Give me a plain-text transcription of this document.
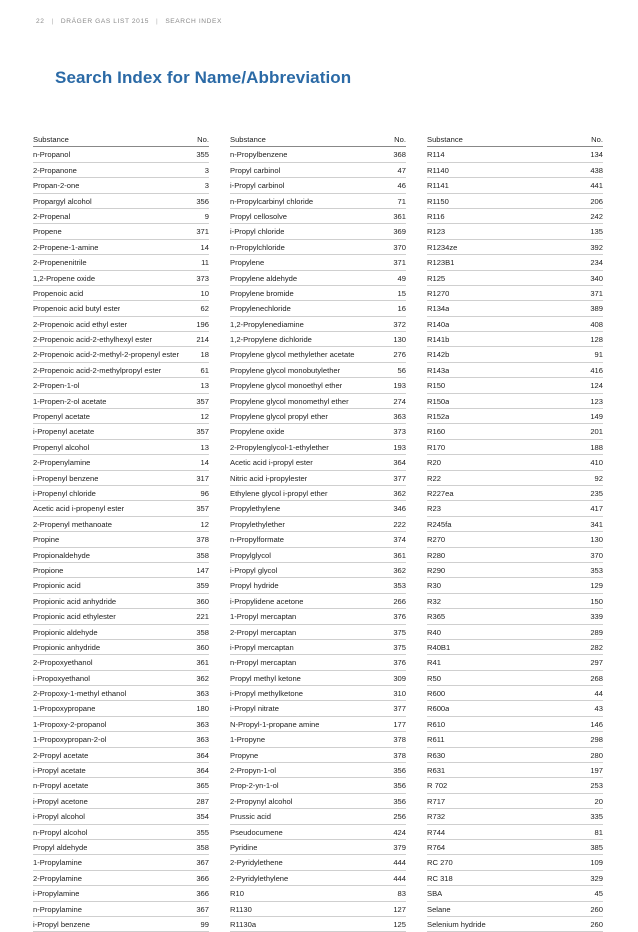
22 | DRÄGER GAS LIST 2015 | SEARCH INDEX
Search Index for Name/Abbreviation
Substance	No.
n-Propanol	355
2-Propanone	3
Propan-2-one	3
Propargyl alcohol	356
2-Propenal	9
Propene	371
2-Propene-1-amine	14
2-Propenenitrile	11
1,2-Propene oxide	373
Propenoic acid	10
Propenoic acid butyl ester	62
2-Propenoic acid ethyl ester	196
2-Propenoic acid-2-ethylhexyl ester	214
2-Propenoic acid-2-methyl-2-propenyl ester	18
2-Propenoic acid-2-methylpropyl ester	61
2-Propen-1-ol	13
1-Propen-2-ol acetate	357
Propenyl acetate	12
i-Propenyl acetate	357
Propenyl alcohol	13
2-Propenylamine	14
i-Propenyl benzene	317
i-Propenyl chloride	96
Acetic acid i-propenyl ester	357
2-Propenyl methanoate	12
Propine	378
Propionaldehyde	358
Propione	147
Propionic acid	359
Propionic acid anhydride	360
Propionic acid ethylester	221
Propionic aldehyde	358
Propionic anhydride	360
2-Propoxyethanol	361
i-Propoxyethanol	362
2-Propoxy-1-methyl ethanol	363
1-Propoxypropane	180
1-Propoxy-2-propanol	363
1-Propoxypropan-2-ol	363
2-Propyl acetate	364
i-Propyl acetate	364
n-Propyl acetate	365
i-Propyl acetone	287
i-Propyl alcohol	354
n-Propyl alcohol	355
Propyl aldehyde	358
1-Propylamine	367
2-Propylamine	366
i-Propylamine	366
n-Propylamine	367
i-Propyl benzene	99
Substance	No.
n-Propylbenzene	368
Propyl carbinol	47
i-Propyl carbinol	46
n-Propylcarbinyl chloride	71
Propyl cellosolve	361
i-Propyl chloride	369
n-Propylchloride	370
Propylene	371
Propylene aldehyde	49
Propylene bromide	15
Propylenechloride	16
1,2-Propylenediamine	372
1,2-Propylene dichloride	130
Propylene glycol methylether acetate	276
Propylene glycol monobutylether	56
Propylene glycol monoethyl ether	193
Propylene glycol monomethyl ether	274
Propylene glycol propyl ether	363
Propylene oxide	373
2-Propylenglycol-1-ethylether	193
Acetic acid i-propyl ester	364
Nitric acid i-propylester	377
Ethylene glycol i-propyl ether	362
Propylethylene	346
Propylethylether	222
n-Propylformate	374
Propylglycol	361
i-Propyl glycol	362
Propyl hydride	353
i-Propylidene acetone	266
1-Propyl mercaptan	376
2-Propyl mercaptan	375
i-Propyl mercaptan	375
n-Propyl mercaptan	376
Propyl methyl ketone	309
i-Propyl methylketone	310
i-Propyl nitrate	377
N-Propyl-1-propane amine	177
1-Propyne	378
Propyne	378
2-Propyn-1-ol	356
Prop-2-yn-1-ol	356
2-Propynyl alcohol	356
Prussic acid	256
Pseudocumene	424
Pyridine	379
2-Pyridylethene	444
2-Pyridylethylene	444
R10	83
R1130	127
R1130a	125
Substance	No.
R114	134
R1140	438
R1141	441
R1150	206
R116	242
R123	135
R1234ze	392
R123B1	234
R125	340
R1270	371
R134a	389
R140a	408
R141b	128
R142b	91
R143a	416
R150	124
R150a	123
R152a	149
R160	201
R170	188
R20	410
R22	92
R227ea	235
R23	417
R245fa	341
R270	130
R280	370
R290	353
R30	129
R32	150
R365	339
R40	289
R40B1	282
R41	297
R50	268
R600	44
R600a	43
R610	146
R611	298
R630	280
R631	197
R 702	253
R717	20
R732	335
R744	81
R764	385
RC 270	109
RC 318	329
SBA	45
Selane	260
Selenium hydride	260
